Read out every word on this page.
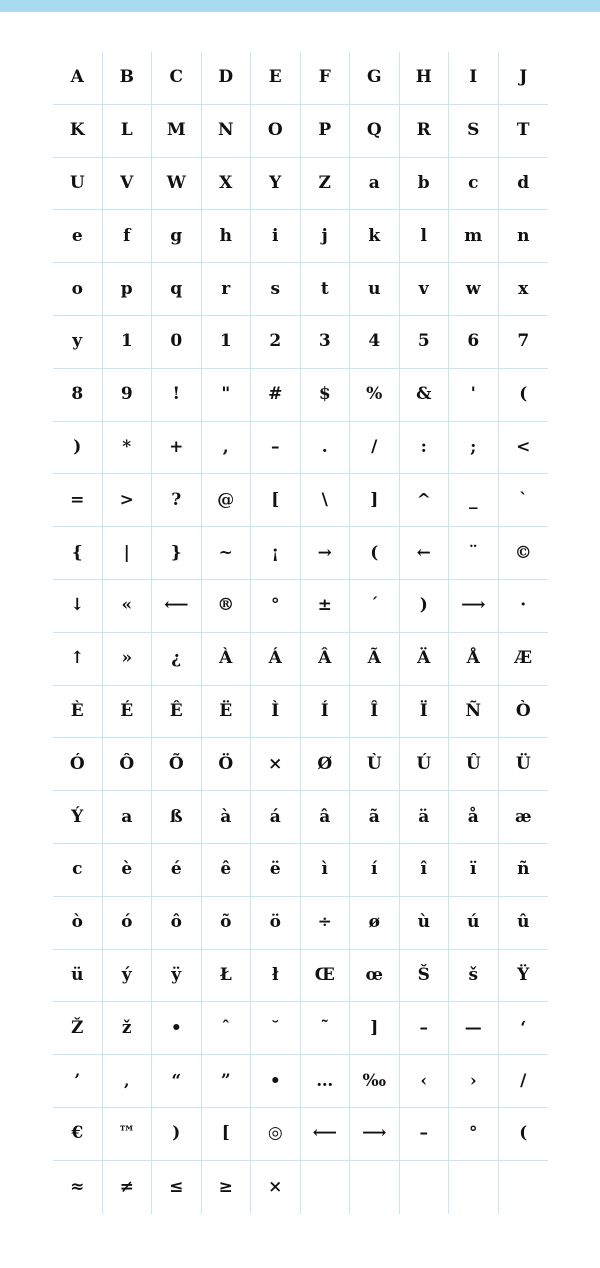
A	B	C	D	E	F	G	H	I	J
K	L	M	N	O	P	Q	R	S	T
U	V	W	X	Y	Z	a	b	c	d
e	f	g	h	i	j	k	l	m	n
o	p	q	r	s	t	u	v	w	x
y	1	0	1	2	3	4	5	6	7
8	9	!	"	#	$	%	&	'	(
)	*	+	,	–	.	/	:	;	<
=	>	?	@	[	\	]	^	_	`
{	|	}	~	¡	→	(	←	¨	©
↓	«	⟵	®	°	±	´	)	⟶	·
↑	»	¿	À	Á	Â	Ã	Ä	Å	Æ
È	É	Ê	Ë	Ì	Í	Î	Ï	Ñ	Ò
Ó	Ô	Õ	Ö	×	Ø	Ù	Ú	Û	Ü
Ý	a	ß	à	á	â	ã	ä	å	æ
c	è	é	ê	ë	ì	í	î	ï	ñ
ò	ó	ô	õ	ö	÷	ø	ù	ú	û
ü	ý	ÿ	Ł	ł	Œ	œ	Š	š	Ÿ
Ž	ž	•	ˆ	˘	˜	]	–	—	‘
’	‚	“	”	•	…	‰	‹	›	/
€	™	)	[	◎	⟵	⟶	–	°	(
≈	≠	≤	≥	×
